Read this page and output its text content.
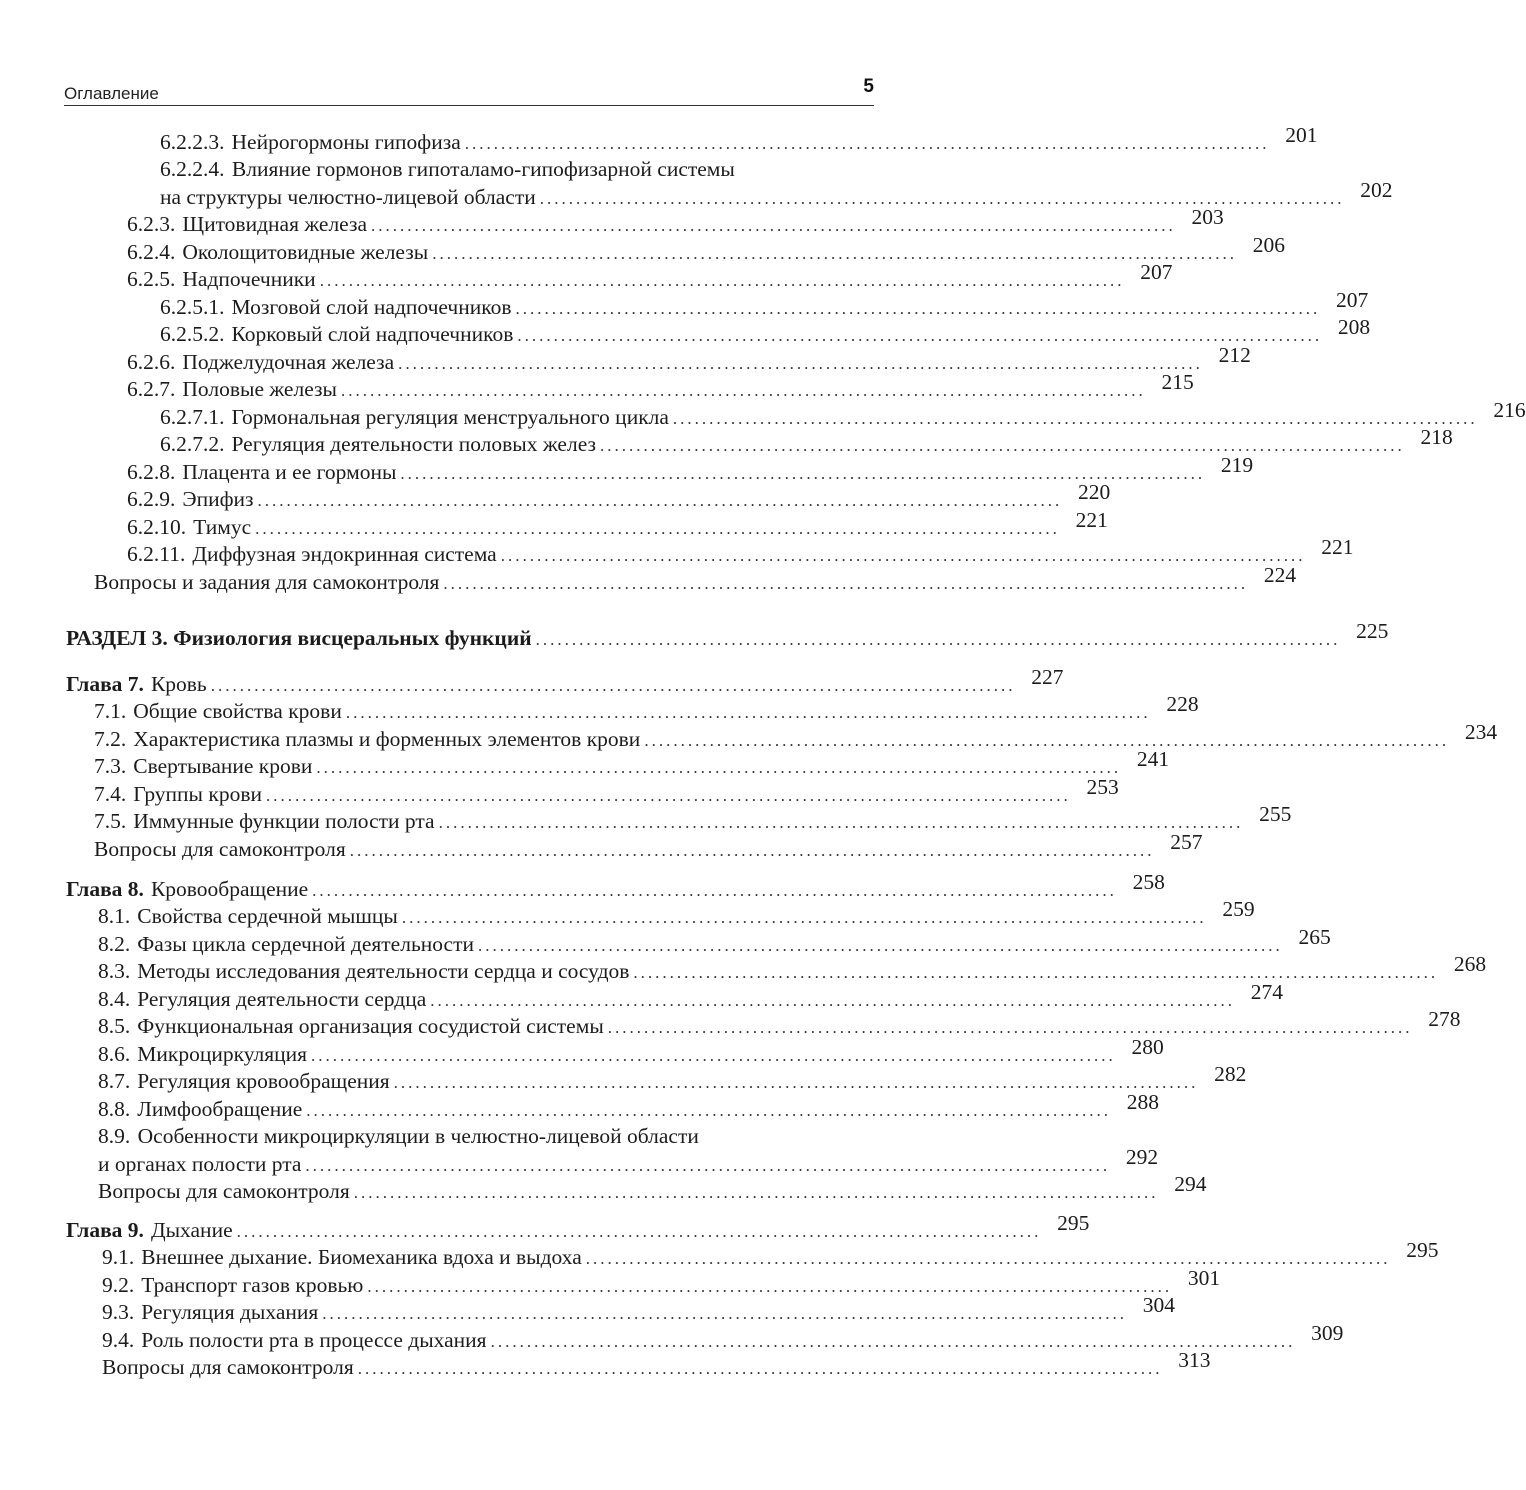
Оглавление	5
6.2.2.3. Нейрогормоны гипофиза ............................................................................................................... 201
6.2.2.4. Влияние гормонов гипоталамо-гипофизарной системы
на структуры челюстно-лицевой области ............................................................................................................... 202
6.2.3. Щитовидная железа ............................................................................................................... 203
6.2.4. Околощитовидные железы ............................................................................................................... 206
6.2.5. Надпочечники ............................................................................................................... 207
6.2.5.1. Мозговой слой надпочечников ............................................................................................................... 207
6.2.5.2. Корковый слой надпочечников ............................................................................................................... 208
6.2.6. Поджелудочная железа ............................................................................................................... 212
6.2.7. Половые железы ............................................................................................................... 215
6.2.7.1. Гормональная регуляция менструального цикла ............................................................................................................... 216
6.2.7.2. Регуляция деятельности половых желез ............................................................................................................... 218
6.2.8. Плацента и ее гормоны ............................................................................................................... 219
6.2.9. Эпифиз ............................................................................................................... 220
6.2.10. Тимус ............................................................................................................... 221
6.2.11. Диффузная эндокринная система ............................................................................................................... 221
Вопросы и задания для самоконтроля ............................................................................................................... 224
РАЗДЕЛ 3. Физиология висцеральных функций ............................................................................................................... 225
Глава 7. Кровь ............................................................................................................... 227
7.1. Общие свойства крови ............................................................................................................... 228
7.2. Характеристика плазмы и форменных элементов крови ............................................................................................................... 234
7.3. Свертывание крови ............................................................................................................... 241
7.4. Группы крови ............................................................................................................... 253
7.5. Иммунные функции полости рта ............................................................................................................... 255
Вопросы для самоконтроля ............................................................................................................... 257
Глава 8. Кровообращение ............................................................................................................... 258
8.1. Свойства сердечной мышцы ............................................................................................................... 259
8.2. Фазы цикла сердечной деятельности ............................................................................................................... 265
8.3. Методы исследования деятельности сердца и сосудов ............................................................................................................... 268
8.4. Регуляция деятельности сердца ............................................................................................................... 274
8.5. Функциональная организация сосудистой системы ............................................................................................................... 278
8.6. Микроциркуляция ............................................................................................................... 280
8.7. Регуляция кровообращения ............................................................................................................... 282
8.8. Лимфообращение ............................................................................................................... 288
8.9. Особенности микроциркуляции в челюстно-лицевой области
и органах полости рта ............................................................................................................... 292
Вопросы для самоконтроля ............................................................................................................... 294
Глава 9. Дыхание ............................................................................................................... 295
9.1. Внешнее дыхание. Биомеханика вдоха и выдоха ............................................................................................................... 295
9.2. Транспорт газов кровью ............................................................................................................... 301
9.3. Регуляция дыхания ............................................................................................................... 304
9.4. Роль полости рта в процессе дыхания ............................................................................................................... 309
Вопросы для самоконтроля ............................................................................................................... 313
